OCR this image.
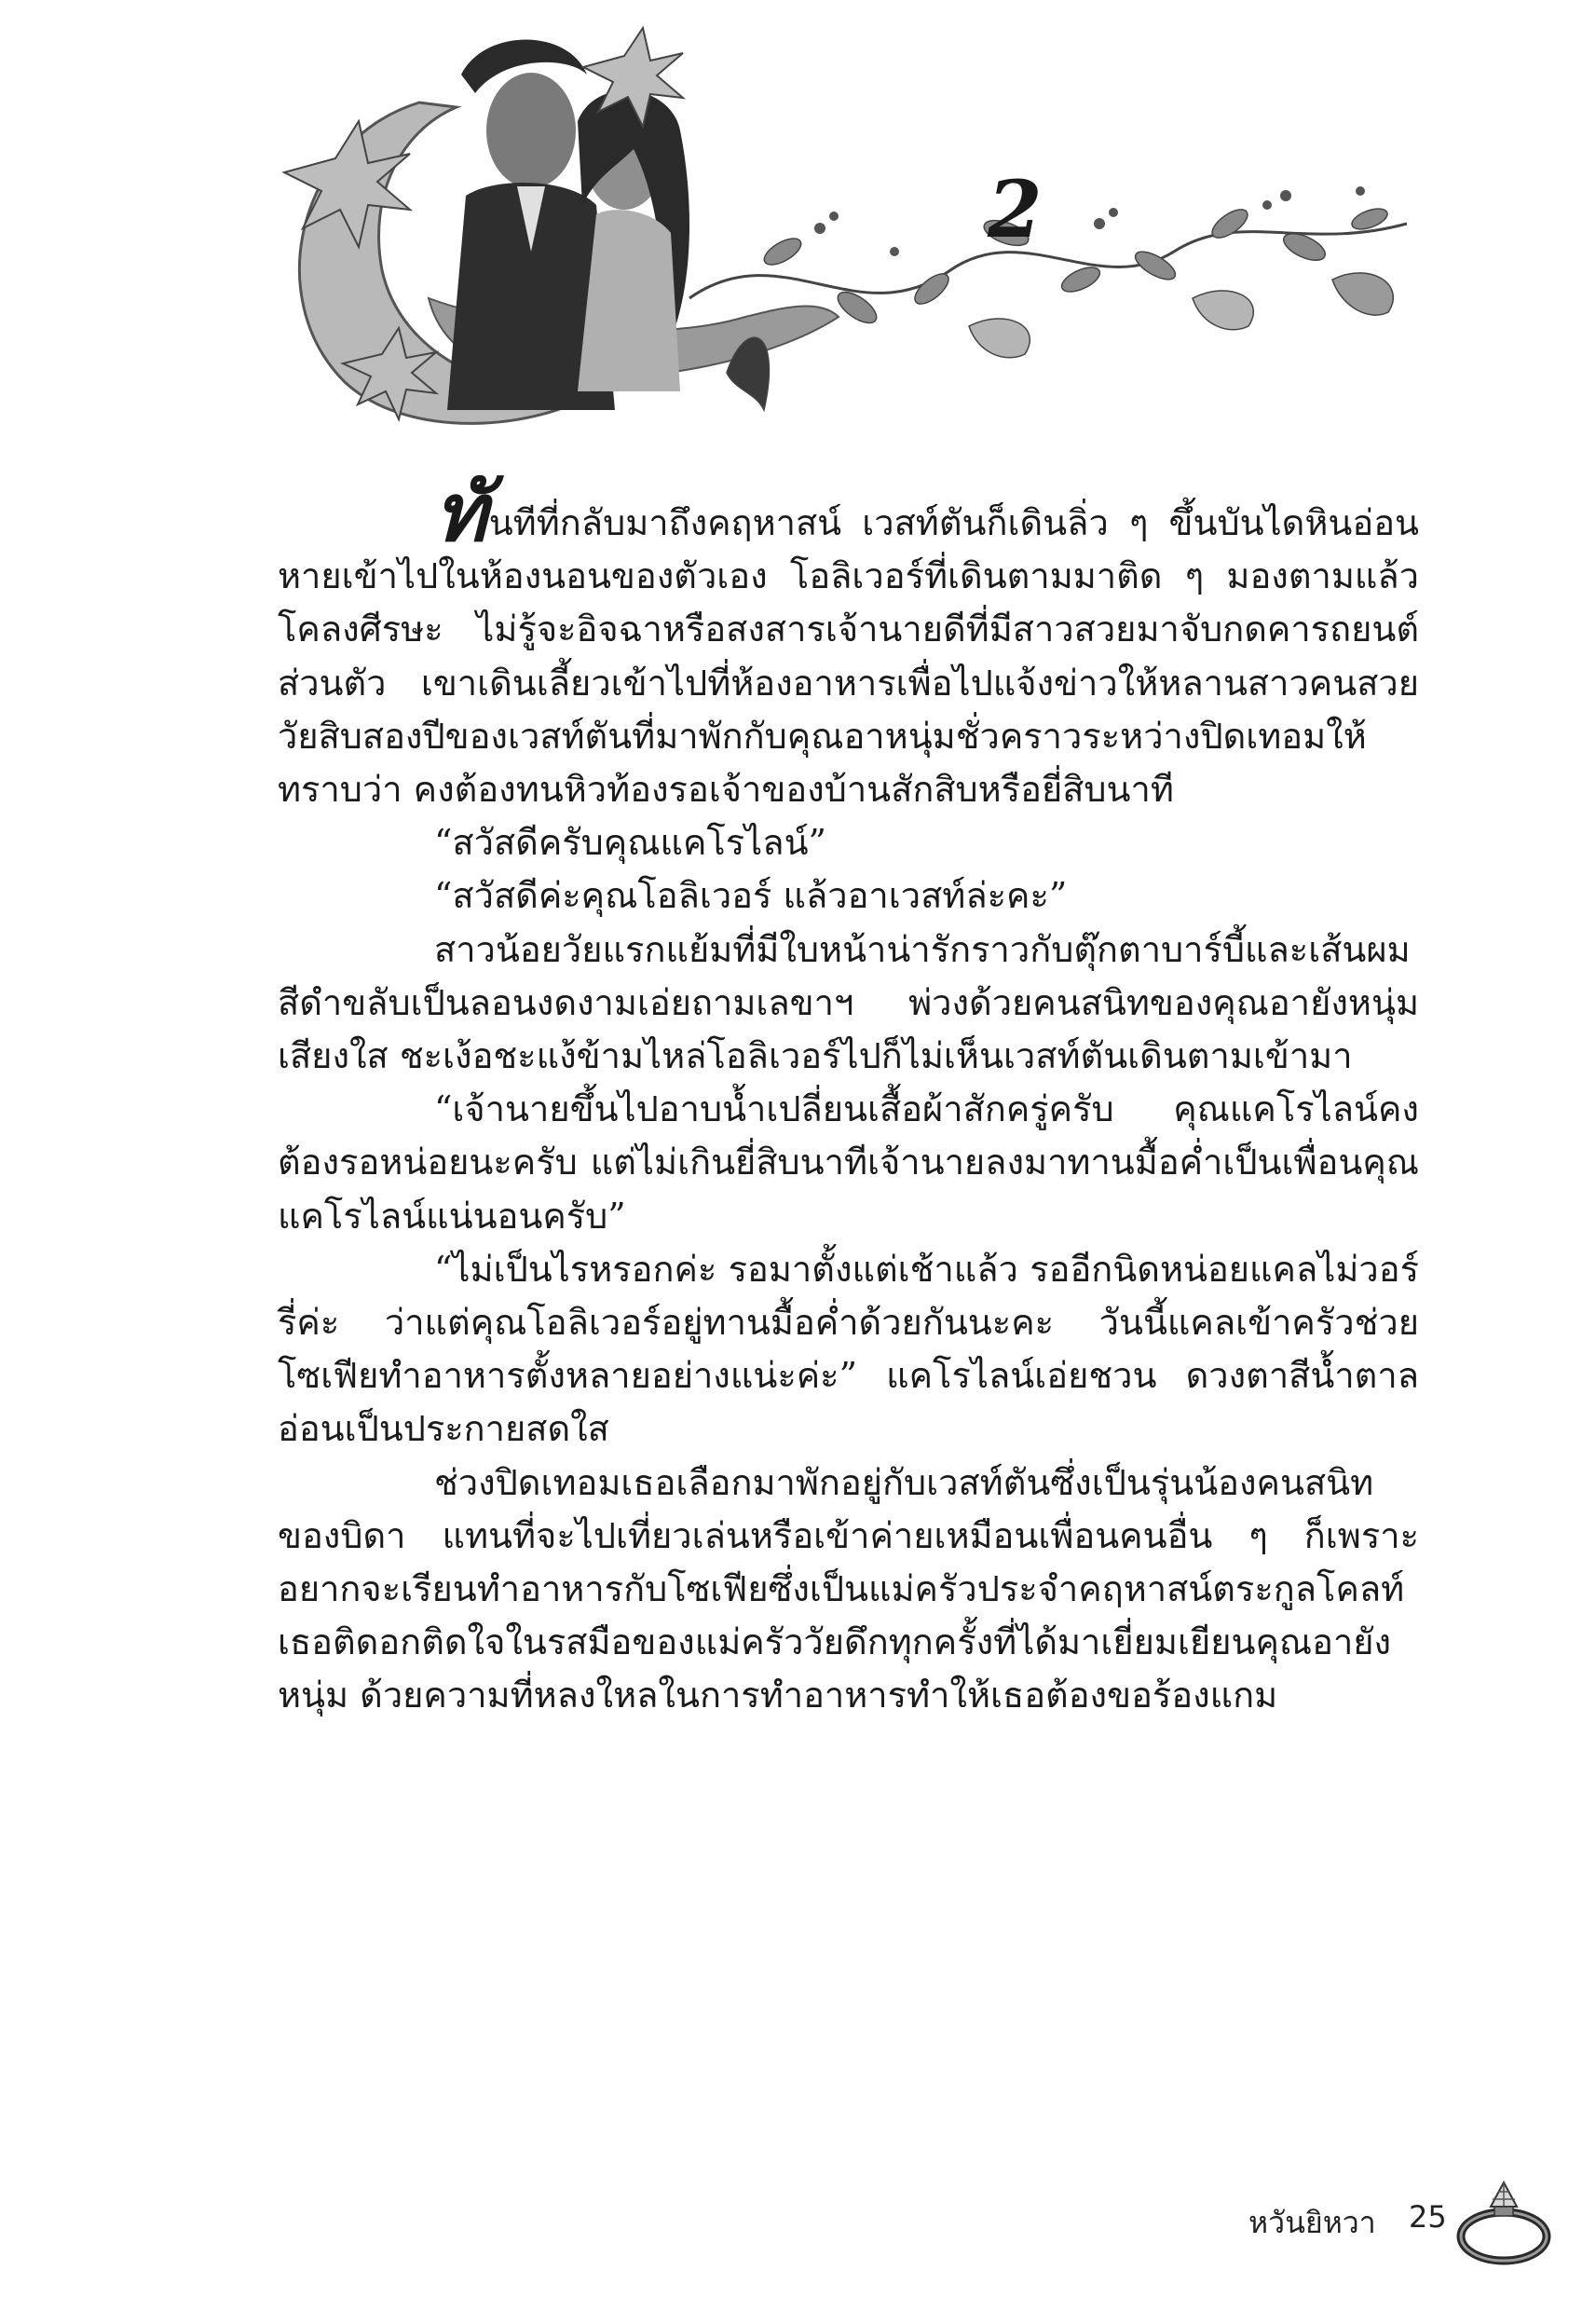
2

ทันทีที่กลับมาถึงคฤหาสน์ เวสท์ตันก็เดินลิ่ว ๆ ขึ้นบันไดหินอ่อนหายเข้าไปในห้องนอนของตัวเอง โอลิเวอร์ที่เดินตามมาติด ๆ มองตามแล้วโคลงศีรษะ ไม่รู้จะอิจฉาหรือสงสารเจ้านายดีที่มีสาวสวยมาจับกดคารถยนต์ส่วนตัว เขาเดินเลี้ยวเข้าไปที่ห้องอาหารเพื่อไปแจ้งข่าวให้หลานสาวคนสวยวัยสิบสองปีของเวสท์ตันที่มาพักกับคุณอาหนุ่มชั่วคราวระหว่างปิดเทอมให้ทราบว่า คงต้องทนหิวท้องรอเจ้าของบ้านสักสิบหรือยี่สิบนาที

“สวัสดีครับคุณแคโรไลน์”

“สวัสดีค่ะคุณโอลิเวอร์ แล้วอาเวสท์ล่ะคะ”

สาวน้อยวัยแรกแย้มที่มีใบหน้าน่ารักราวกับตุ๊กตาบาร์บี้และเส้นผมสีดำขลับเป็นลอนงดงามเอ่ยถามเลขาฯ พ่วงด้วยคนสนิทของคุณอายังหนุ่มเสียงใส ชะเง้อชะแง้ข้ามไหล่โอลิเวอร์ไปก็ไม่เห็นเวสท์ตันเดินตามเข้ามา

“เจ้านายขึ้นไปอาบน้ำเปลี่ยนเสื้อผ้าสักครู่ครับ คุณแคโรไลน์คงต้องรอหน่อยนะครับ แต่ไม่เกินยี่สิบนาทีเจ้านายลงมาทานมื้อค่ำเป็นเพื่อนคุณแคโรไลน์แน่นอนครับ”

“ไม่เป็นไรหรอกค่ะ รอมาตั้งแต่เช้าแล้ว รออีกนิดหน่อยแคลไม่วอร์รี่ค่ะ ว่าแต่คุณโอลิเวอร์อยู่ทานมื้อค่ำด้วยกันนะคะ วันนี้แคลเข้าครัวช่วยโซเฟียทำอาหารตั้งหลายอย่างแน่ะค่ะ” แคโรไลน์เอ่ยชวน ดวงตาสีน้ำตาลอ่อนเป็นประกายสดใส

ช่วงปิดเทอมเธอเลือกมาพักอยู่กับเวสท์ตันซึ่งเป็นรุ่นน้องคนสนิทของบิดา แทนที่จะไปเที่ยวเล่นหรือเข้าค่ายเหมือนเพื่อนคนอื่น ๆ ก็เพราะอยากจะเรียนทำอาหารกับโซเฟียซึ่งเป็นแม่ครัวประจำคฤหาสน์ตระกูลโคลท์เธอติดอกติดใจในรสมือของแม่ครัววัยดึกทุกครั้งที่ได้มาเยี่ยมเยียนคุณอายังหนุ่ม ด้วยความที่หลงใหลในการทำอาหารทำให้เธอต้องขอร้องแกม

หวันยิหวา 25
